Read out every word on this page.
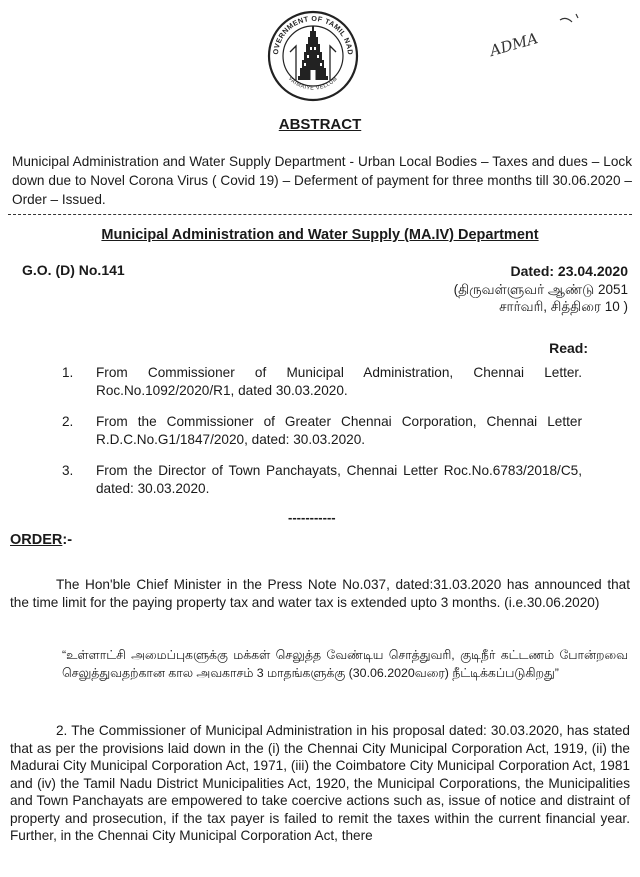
OVERNMENT OF TAMIL NAD
VAIMAIYE VELLUM
ADMA
ABSTRACT
Municipal Administration and Water Supply Department - Urban Local Bodies – Taxes and dues – Lock down due to Novel Corona Virus ( Covid 19) – Deferment of payment for three months till 30.06.2020 – Order – Issued.
Municipal Administration and Water Supply (MA.IV) Department
G.O. (D) No.141	Dated: 23.04.2020
(திருவள்ளுவர் ஆண்டு 2051
சார்வரி, சித்திரை 10 )
Read:
1. From Commissioner of Municipal Administration, Chennai Letter. Roc.No.1092/2020/R1, dated 30.03.2020.
2. From the Commissioner of Greater Chennai Corporation, Chennai Letter R.D.C.No.G1/1847/2020, dated: 30.03.2020.
3. From the Director of Town Panchayats, Chennai Letter Roc.No.6783/2018/C5, dated: 30.03.2020.
-----------
ORDER:-
The Hon'ble Chief Minister in the Press Note No.037, dated:31.03.2020 has announced that the time limit for the paying property tax and water tax is extended upto 3 months. (i.e.30.06.2020)
“உள்ளாட்சி அமைப்புகளுக்கு மக்கள் செலுத்த வேண்டிய சொத்துவரி, குடிநீர் கட்டணம் போன்றவை செலுத்துவதற்கான கால அவகாசம் 3 மாதங்களுக்கு (30.06.2020வரை) நீட்டிக்கப்படுகிறது”
2. The Commissioner of Municipal Administration in his proposal dated: 30.03.2020, has stated that as per the provisions laid down in the (i) the Chennai City Municipal Corporation Act, 1919, (ii) the Madurai City Municipal Corporation Act, 1971, (iii) the Coimbatore City Municipal Corporation Act, 1981 and (iv) the Tamil Nadu District Municipalities Act, 1920, the Municipal Corporations, the Municipalities and Town Panchayats are empowered to take coercive actions such as, issue of notice and distraint of property and prosecution, if the tax payer is failed to remit the taxes within the current financial year. Further, in the Chennai City Municipal Corporation Act, there
